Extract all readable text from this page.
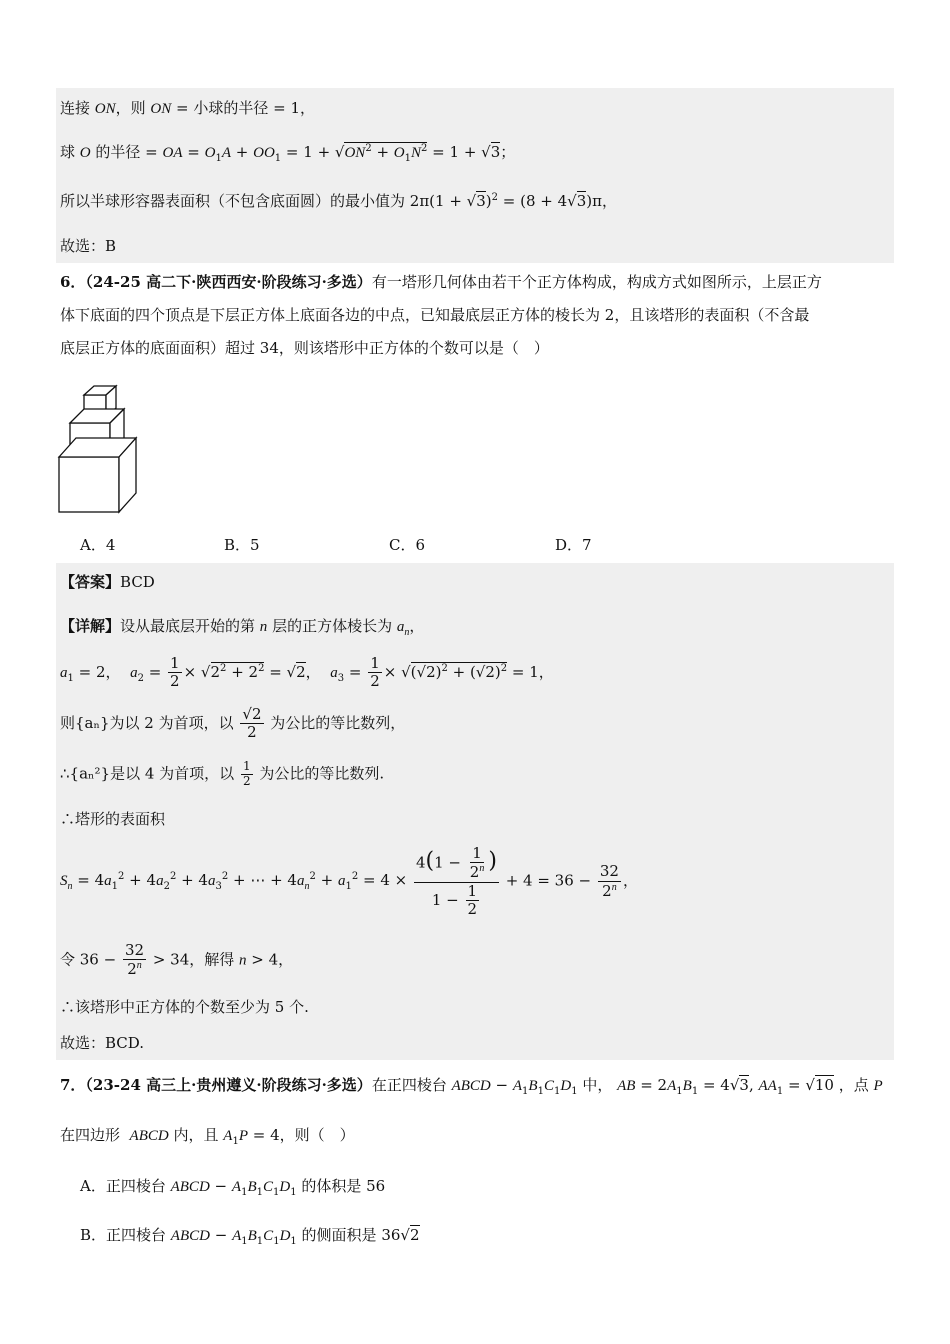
连接 ON，则 ON = 小球的半径 = 1，
球 O 的半径 = OA = $O_1A + OO_1 = 1 + √ON^2 + O_1N^2 = 1 + √3$；
所以半球形容器表面积（不包含底面圆）的最小值为 $2\pi(1 + √3)^2 = (8 + 4√3)\pi$，
故选：B
6．（24-25 高二下·陕西西安·阶段练习·多选）有一塔形几何体由若干个正方体构成，构成方式如图所示，上层正方
体下底面的四个顶点是下层正方体上底面各边的中点，已知最底层正方体的棱长为 2，且该塔形的表面积（不含最
底层正方体的底面面积）超过 34，则该塔形中正方体的个数可以是（　）
A．4	B．5	C．6	D．7
【答案】BCD
【详解】设从最底层开始的第 n 层的正方体棱长为 $a_n$，
$a_1 = 2$，  $a_2 = \frac{1}{2} \times √2^2 + 2^2 = √2$，  $a_3 = \frac{1}{2} \times √(√2)^2 + (√2)^2 = 1$，
则{aₙ}为以 2 为首项，以 $\frac{√2}{2}$ 为公比的等比数列，
∴{aₙ²}是以 4 为首项，以 $\frac{1}{2}$ 为公比的等比数列.
∴塔形的表面积
$S_n = 4a_1^2 + 4a_2^2 + 4a_3^2$ + ⋯ + $4a_n^2 + a_1^2 = 4 \times \frac{4(1 - \frac{1}{2^n} )}{1 - \frac{1}{2}} + 4 = 36 - \frac{32}{2^n}$ ，
令 $36 - \frac{32}{2^n} > 34$，解得 n > 4，
∴该塔形中正方体的个数至少为 5 个.
故选：BCD.
7．（23-24 高三上·贵州遵义·阶段练习·多选）在正四棱台 ABCD − $A_1B_1C_1D_1$ 中， AB = $2A_1B_1 = 4√3$, $AA_1 = √10$ ，点 P
在四边形  ABCD 内，且 $A_1P = 4$，则（　）
A．正四棱台 ABCD − $A_1B_1C_1D_1$ 的体积是 56
B．正四棱台 ABCD − $A_1B_1C_1D_1$ 的侧面积是 36√2
